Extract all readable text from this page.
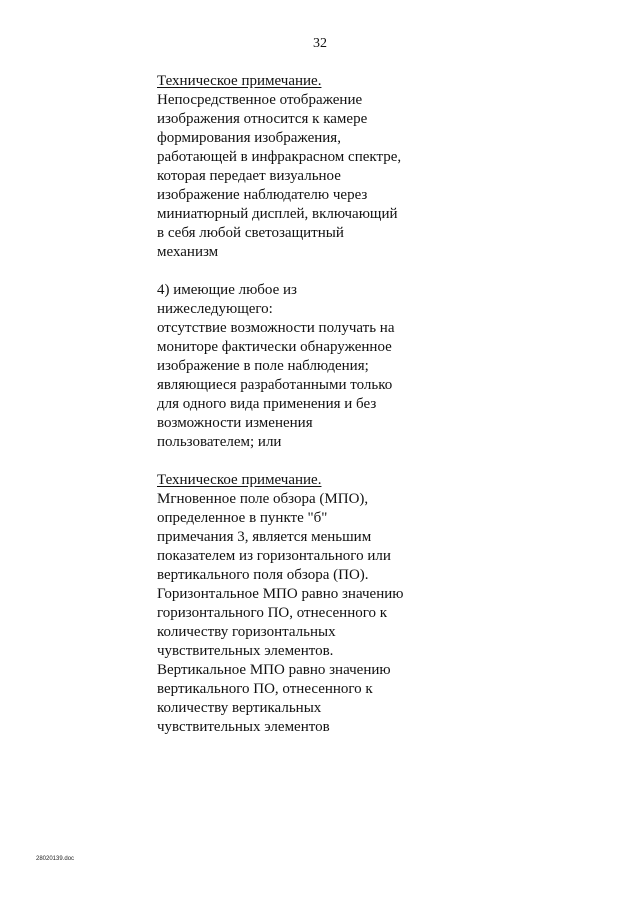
32
Техническое примечание.
Непосредственное отображение
изображения относится к камере
формирования изображения,
работающей в инфракрасном спектре,
которая передает визуальное
изображение наблюдателю через
миниатюрный дисплей, включающий
в себя любой светозащитный
механизм
4) имеющие любое из
нижеследующего:
отсутствие возможности получать на
мониторе фактически обнаруженное
изображение в поле наблюдения;
являющиеся разработанными только
для одного вида применения и без
возможности изменения
пользователем; или
Техническое примечание.
Мгновенное поле обзора (МПО),
определенное в пункте "б"
примечания 3, является меньшим
показателем из горизонтального или
вертикального поля обзора (ПО).
Горизонтальное МПО равно значению
горизонтального ПО, отнесенного к
количеству горизонтальных
чувствительных элементов.
Вертикальное МПО равно значению
вертикального ПО, отнесенного к
количеству вертикальных
чувствительных элементов
28020139.doc
